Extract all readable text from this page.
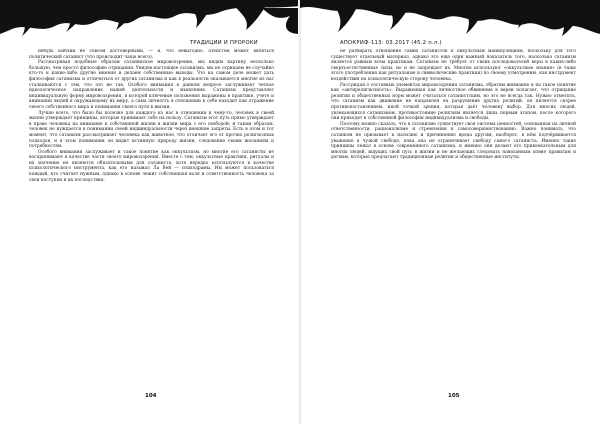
ТРАДИЦИИ И ПРОРОКИ

небудь Библии не совсем достоверными, — и, что невыгодно, атеистом может являться политический сатанист (что происходит чаще всего).

Рассматривая подобные образом сатанинское мировоззрение, мы видим картину несколько большую, чем просто философию отрицания. Увидев настоящее сатанизма, мы не отрицаем не случайно кто-то и какие-либо другие мнения и делаем собственные выводы. Что на самом деле может дать философия сатанизма и отличиться от других сатанизма и как в реальности оказывается многие из нас сталкиваются с тем, что это не так. Особого внимания в данном вопросе заслуживает четкое идеологическое направление нашей деятельности и мышления. Сатанизм представляет индивидуальную форму мировоззрения, в которой ключевые положения выражены в практике, учете и внимании людей к окружающему их миру, а сама личность в отношении к себе находит как отражение своего собственного мира и понимания своего пути в жизни.

Лучше всего, что было бы полезно для каждого из нас в отношении к чему-то, человек в своей жизни утверждает принципы, которые принимает себе на пользу. Сатанизм этот путь прямо утверждает в праве человека на внимание к собственной жизни в жизни мира с его свободой; и таким образом, человек не нуждается в понимании своей индивидуальности через внешние запреты. Есть в этом и тот момент, что сатанизм рассматривает человека как животное, что отличает его от прочих религиозных подходов, и в этом понимании он видит истинную природу жизни, следование своим желаниям и потребностям.

Особого внимания заслуживает и такое понятие как оккультизм, но многие его сатанисты не воспринимают в качестве части своего мировоззрения. Вместе с тем, оккультные практики, ритуалы и их значение не являются обязательными для сатаниста, хотя нередко используются в качестве психологического инструмента, как его называл Ла Вей — психодрамы. Им может пользоваться каждый, кто считает нужным, однако в основе лежит собственная воля и ответственность человека за свои поступки и их последствия.

104
АПОКРИФ-113: 03.2017 (45.2 п.л.)

не разбирать отношение самих сатанистов к оккультным манипуляциям, поскольку для того существует отдельный материал, однако это еще один важный показатель того, насколько сатанизм является равным всем практикам. Сатанизм не требует от своих последователей веры в какие-либо сверхъестественные силы, но и не запрещает их. Многие используют «оккультные знания» (в чаще этого употребления как ритуальные и символические практики) по своему усмотрению, как инструмент воздействия на психологическую сторону человека.

Рассуждая о составных элементах мировоззрения сатанизма, обратим внимание и на такое понятие как «антирелигиозность». Выраженная как личностное обвинение в вереи полагает, что отрицание религии и общественных норм может считаться сатанистским, но это не всегда так. Нужно отметить, что сатанизм как движение не направлен на разрушение других религий, он является скорее противопоставлением, иной точкой зрения, которая даёт человеку выбор. Для многих людей, увлекающихся сатанизмом, противостояние религиям является лишь первым этапом, после которого они приходят к собственной философии индивидуализма и свободы.

Поэтому можно сказать, что в сатанизме существует своя система ценностей, основанная на личной ответственности, рационализме и стремлении к самосовершенствованию. Важно понимать, что сатанизм не призывает к насилию и причинению вреда другим, наоборот, в нём подчёркивается уважение к чужой свободе, пока она не ограничивает свободу самого сатаниста. Именно такие принципы лежат в основе современного сатанизма, и именно они делают его привлекательным для многих людей, ищущих свой путь в жизни и не желающих следовать навязанным извне правилам и догмам, которые предлагают традиционные религии и общественные институты.

105
